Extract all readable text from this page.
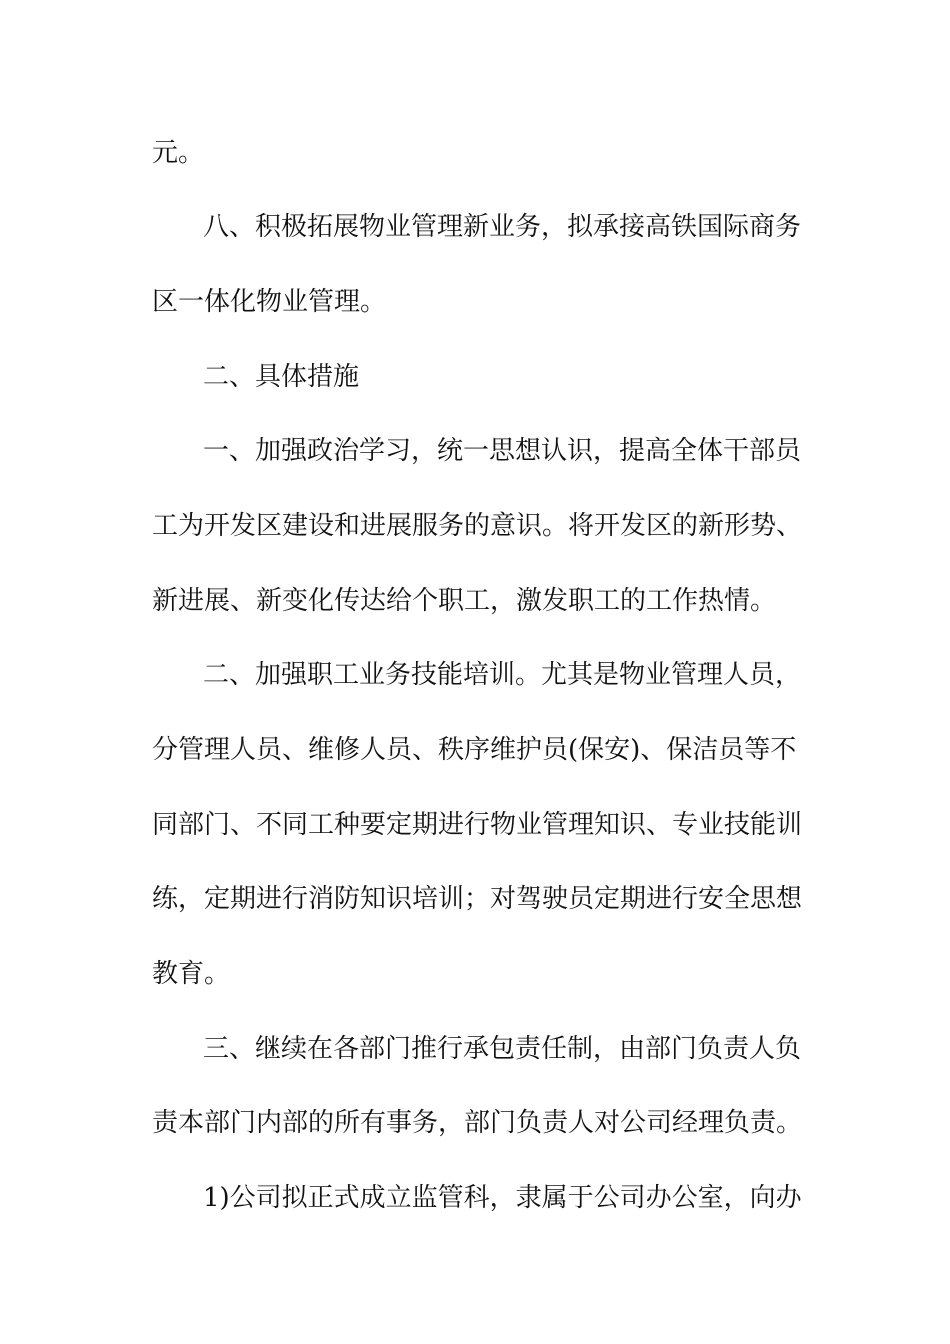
元。
八、积极拓展物业管理新业务，拟承接高铁国际商务
区一体化物业管理。
二、具体措施
一、加强政治学习，统一思想认识，提高全体干部员
工为开发区建设和进展服务的意识。将开发区的新形势、
新进展、新变化传达给个职工，激发职工的工作热情。
二、加强职工业务技能培训。尤其是物业管理人员，
分管理人员、维修人员、秩序维护员(保安)、保洁员等不
同部门、不同工种要定期进行物业管理知识、专业技能训
练，定期进行消防知识培训；对驾驶员定期进行安全思想
教育。
三、继续在各部门推行承包责任制，由部门负责人负
责本部门内部的所有事务，部门负责人对公司经理负责。
1)公司拟正式成立监管科，隶属于公司办公室，向办
